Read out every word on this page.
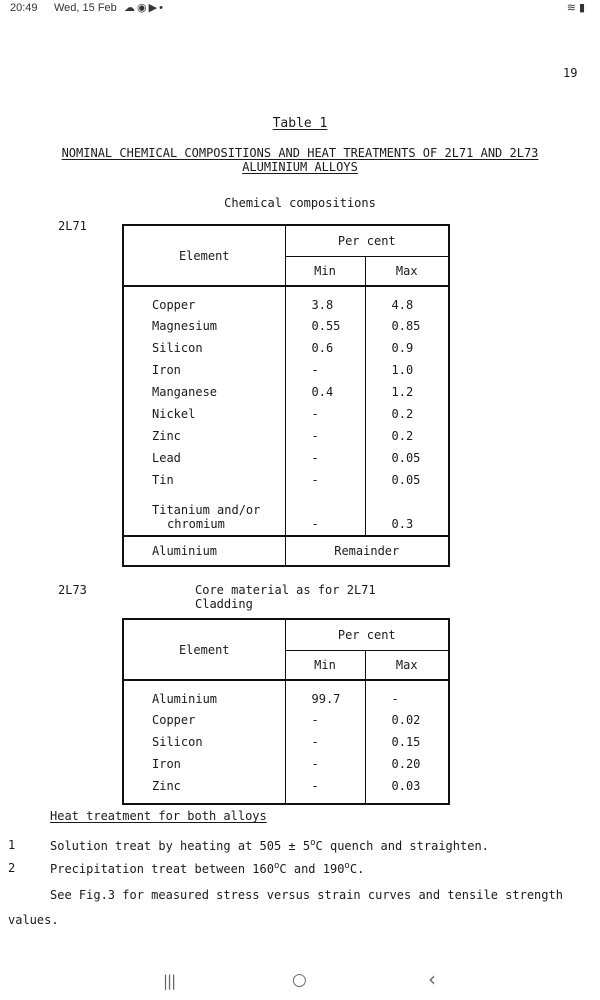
20:49 Wed, 15 Feb ☁◉▶•	≋▮
19
Table 1
NOMINAL CHEMICAL COMPOSITIONS AND HEAT TREATMENTS OF 2L71 AND 2L73
ALUMINIUM ALLOYS
Chemical compositions
2L71
Element	Per cent	
	Min	Max
Copper	3.8	4.8
Magnesium	0.55	0.85
Silicon	0.6	0.9
Iron	-	1.0
Manganese	0.4	1.2
Nickel	-	0.2
Zinc	-	0.2
Lead	-	0.05
Tin	-	0.05

Titanium and/or
chromium	-	0.3
Aluminium	Remainder	
2L73	Core material as for 2L71
Cladding
Element	Per cent	
	Min	Max
Aluminium	99.7	-
Copper	-	0.02
Silicon	-	0.15
Iron	-	0.20
Zinc	-	0.03

Heat treatment for both alloys
1	Solution treat by heating at $505 \pm 5^oC$ quench and straighten.
2	Precipitation treat between 160$^o$C and 190$^o$C.
See Fig.3 for measured stress versus strain curves and tensile strength
values.
|||	○	‹
